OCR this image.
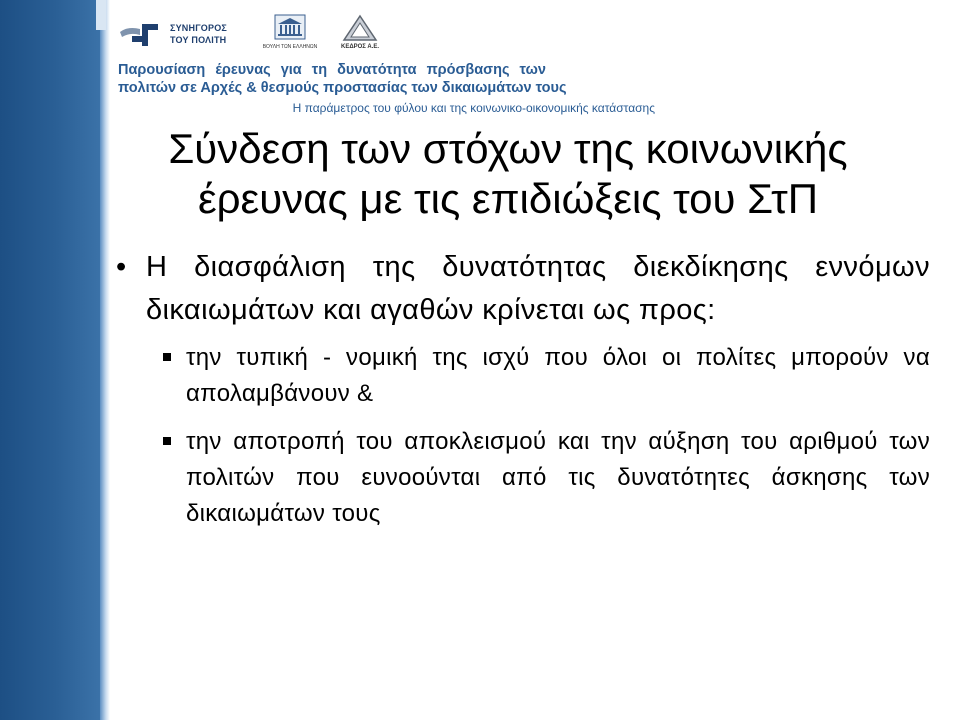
ΣΥΝΗΓΟΡΟΣ
ΤΟΥ ΠΟΛΙΤΗ
ΒΟΥΛΗ ΤΩΝ ΕΛΛΗΝΩΝ	ΚΕΔΡΟΣ Α.Ε.
Παρουσίαση έρευνας για τη δυνατότητα πρόσβασης των
πολιτών σε Αρχές & θεσμούς προστασίας των δικαιωμάτων τους
Η παράμετρος του φύλου και της κοινωνικο-οικονομικής κατάστασης
Σύνδεση των στόχων της κοινωνικής
έρευνας με τις επιδιώξεις του ΣτΠ

• Η διασφάλιση της δυνατότητας διεκδίκησης εννόμων δικαιωμάτων και αγαθών κρίνεται ως προς:

την τυπική - νομική της ισχύ που όλοι οι πολίτες μπορούν να απολαμβάνουν &

την αποτροπή του αποκλεισμού και την αύξηση του αριθμού των πολιτών που ευνοούνται από τις δυνατότητες άσκησης των δικαιωμάτων τους
